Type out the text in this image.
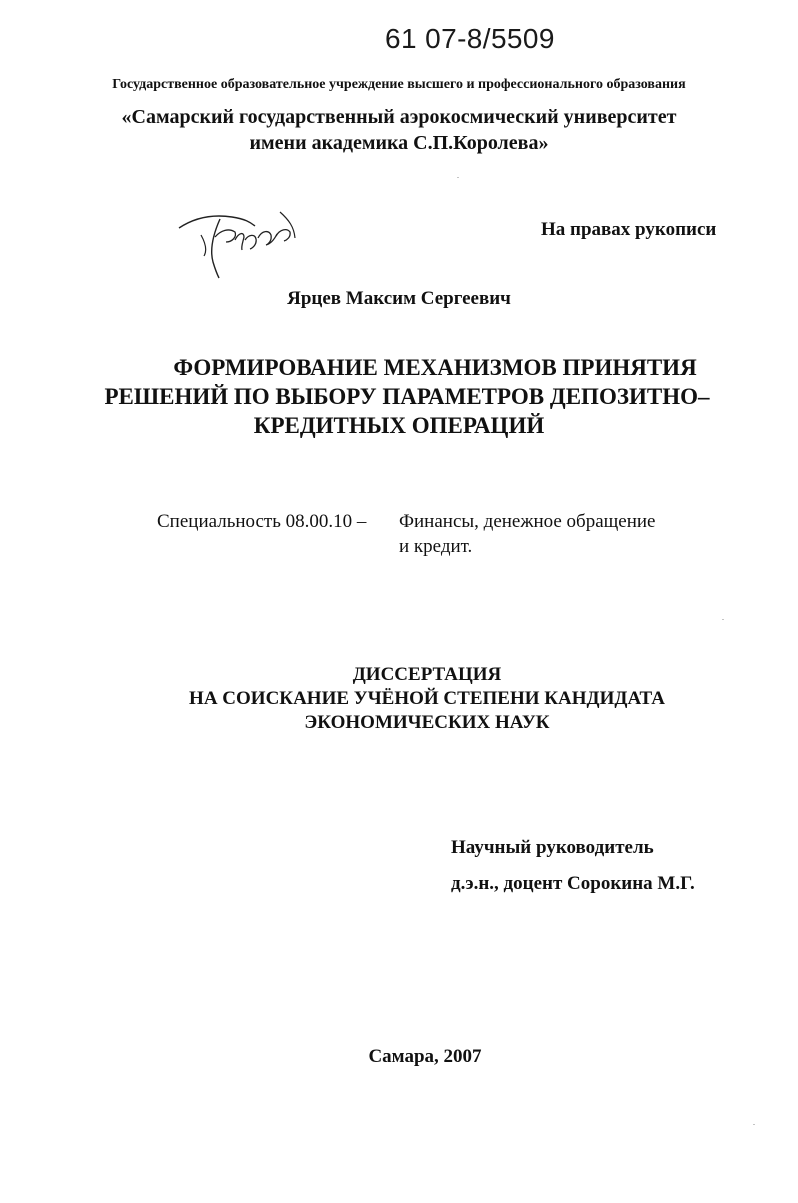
61 07-8/5509
Государственное образовательное учреждение высшего и профессионального образования
«Самарский государственный аэрокосмический университет
имени академика С.П.Королева»
На правах рукописи
Ярцев Максим Сергеевич
ФОРМИРОВАНИЕ МЕХАНИЗМОВ ПРИНЯТИЯ
РЕШЕНИЙ ПО ВЫБОРУ ПАРАМЕТРОВ ДЕПОЗИТНО–
КРЕДИТНЫХ ОПЕРАЦИЙ
Специальность 08.00.10 – Финансы, денежное обращение
и кредит.
ДИССЕРТАЦИЯ
НА СОИСКАНИЕ УЧЁНОЙ СТЕПЕНИ КАНДИДАТА
ЭКОНОМИЧЕСКИХ НАУК
Научный руководитель
д.э.н., доцент Сорокина М.Г.
Самара, 2007
